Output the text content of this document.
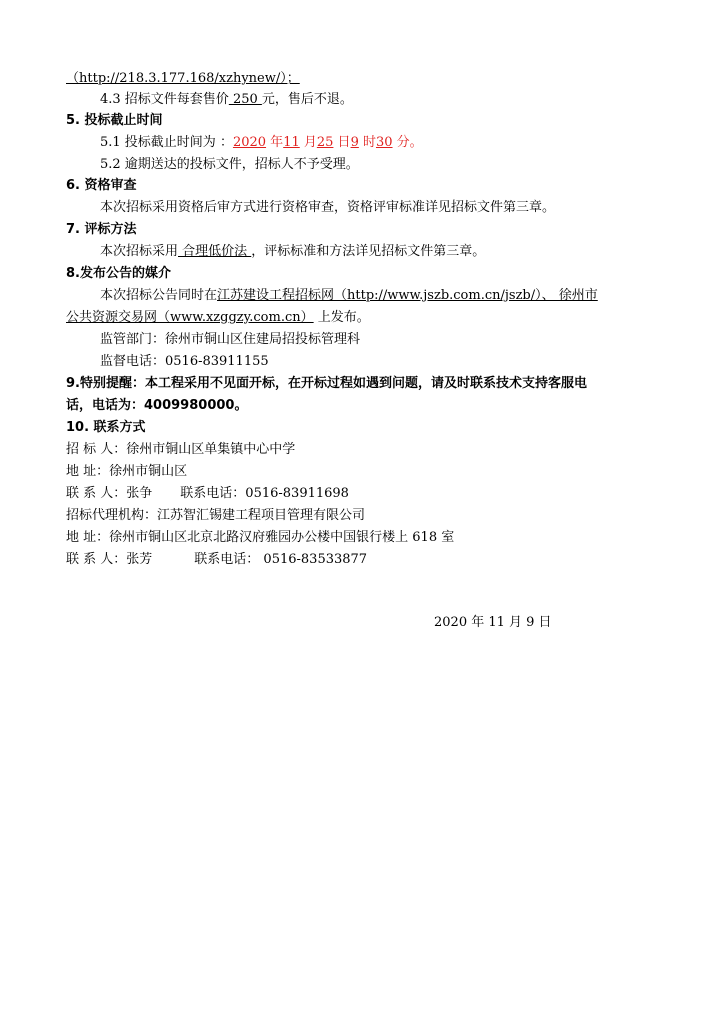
（http://218.3.177.168/xzhynew/）；
4.3 招标文件每套售价 250 元，售后不退。
5. 投标截止时间
5.1 投标截止时间为 ：2020 年11 月25 日9 时30 分。
5.2 逾期送达的投标文件，招标人不予受理。
6. 资格审查
本次招标采用资格后审方式进行资格审查，资格评审标准详见招标文件第三章。
7. 评标方法
本次招标采用 合理低价法 ，评标标准和方法详见招标文件第三章。
8.发布公告的媒介
本次招标公告同时在江苏建设工程招标网（http://www.jszb.com.cn/jszb/）、 徐州市
公共资源交易网（www.xzggzy.com.cn） 上发布。
监管部门：徐州市铜山区住建局招投标管理科
监督电话：0516-83911155
9.特别提醒：本工程采用不见面开标，在开标过程如遇到问题，请及时联系技术支持客服电
话，电话为：4009980000。
10. 联系方式
招 标 人：徐州市铜山区单集镇中心中学
地 址：徐州市铜山区
联 系 人：张争 联系电话：0516-83911698
招标代理机构：江苏智汇锡建工程项目管理有限公司
地 址：徐州市铜山区北京北路汉府雅园办公楼中国银行楼上 618 室
联 系 人：张芳	联系电话： 0516-83533877
2020 年 11 月 9 日
